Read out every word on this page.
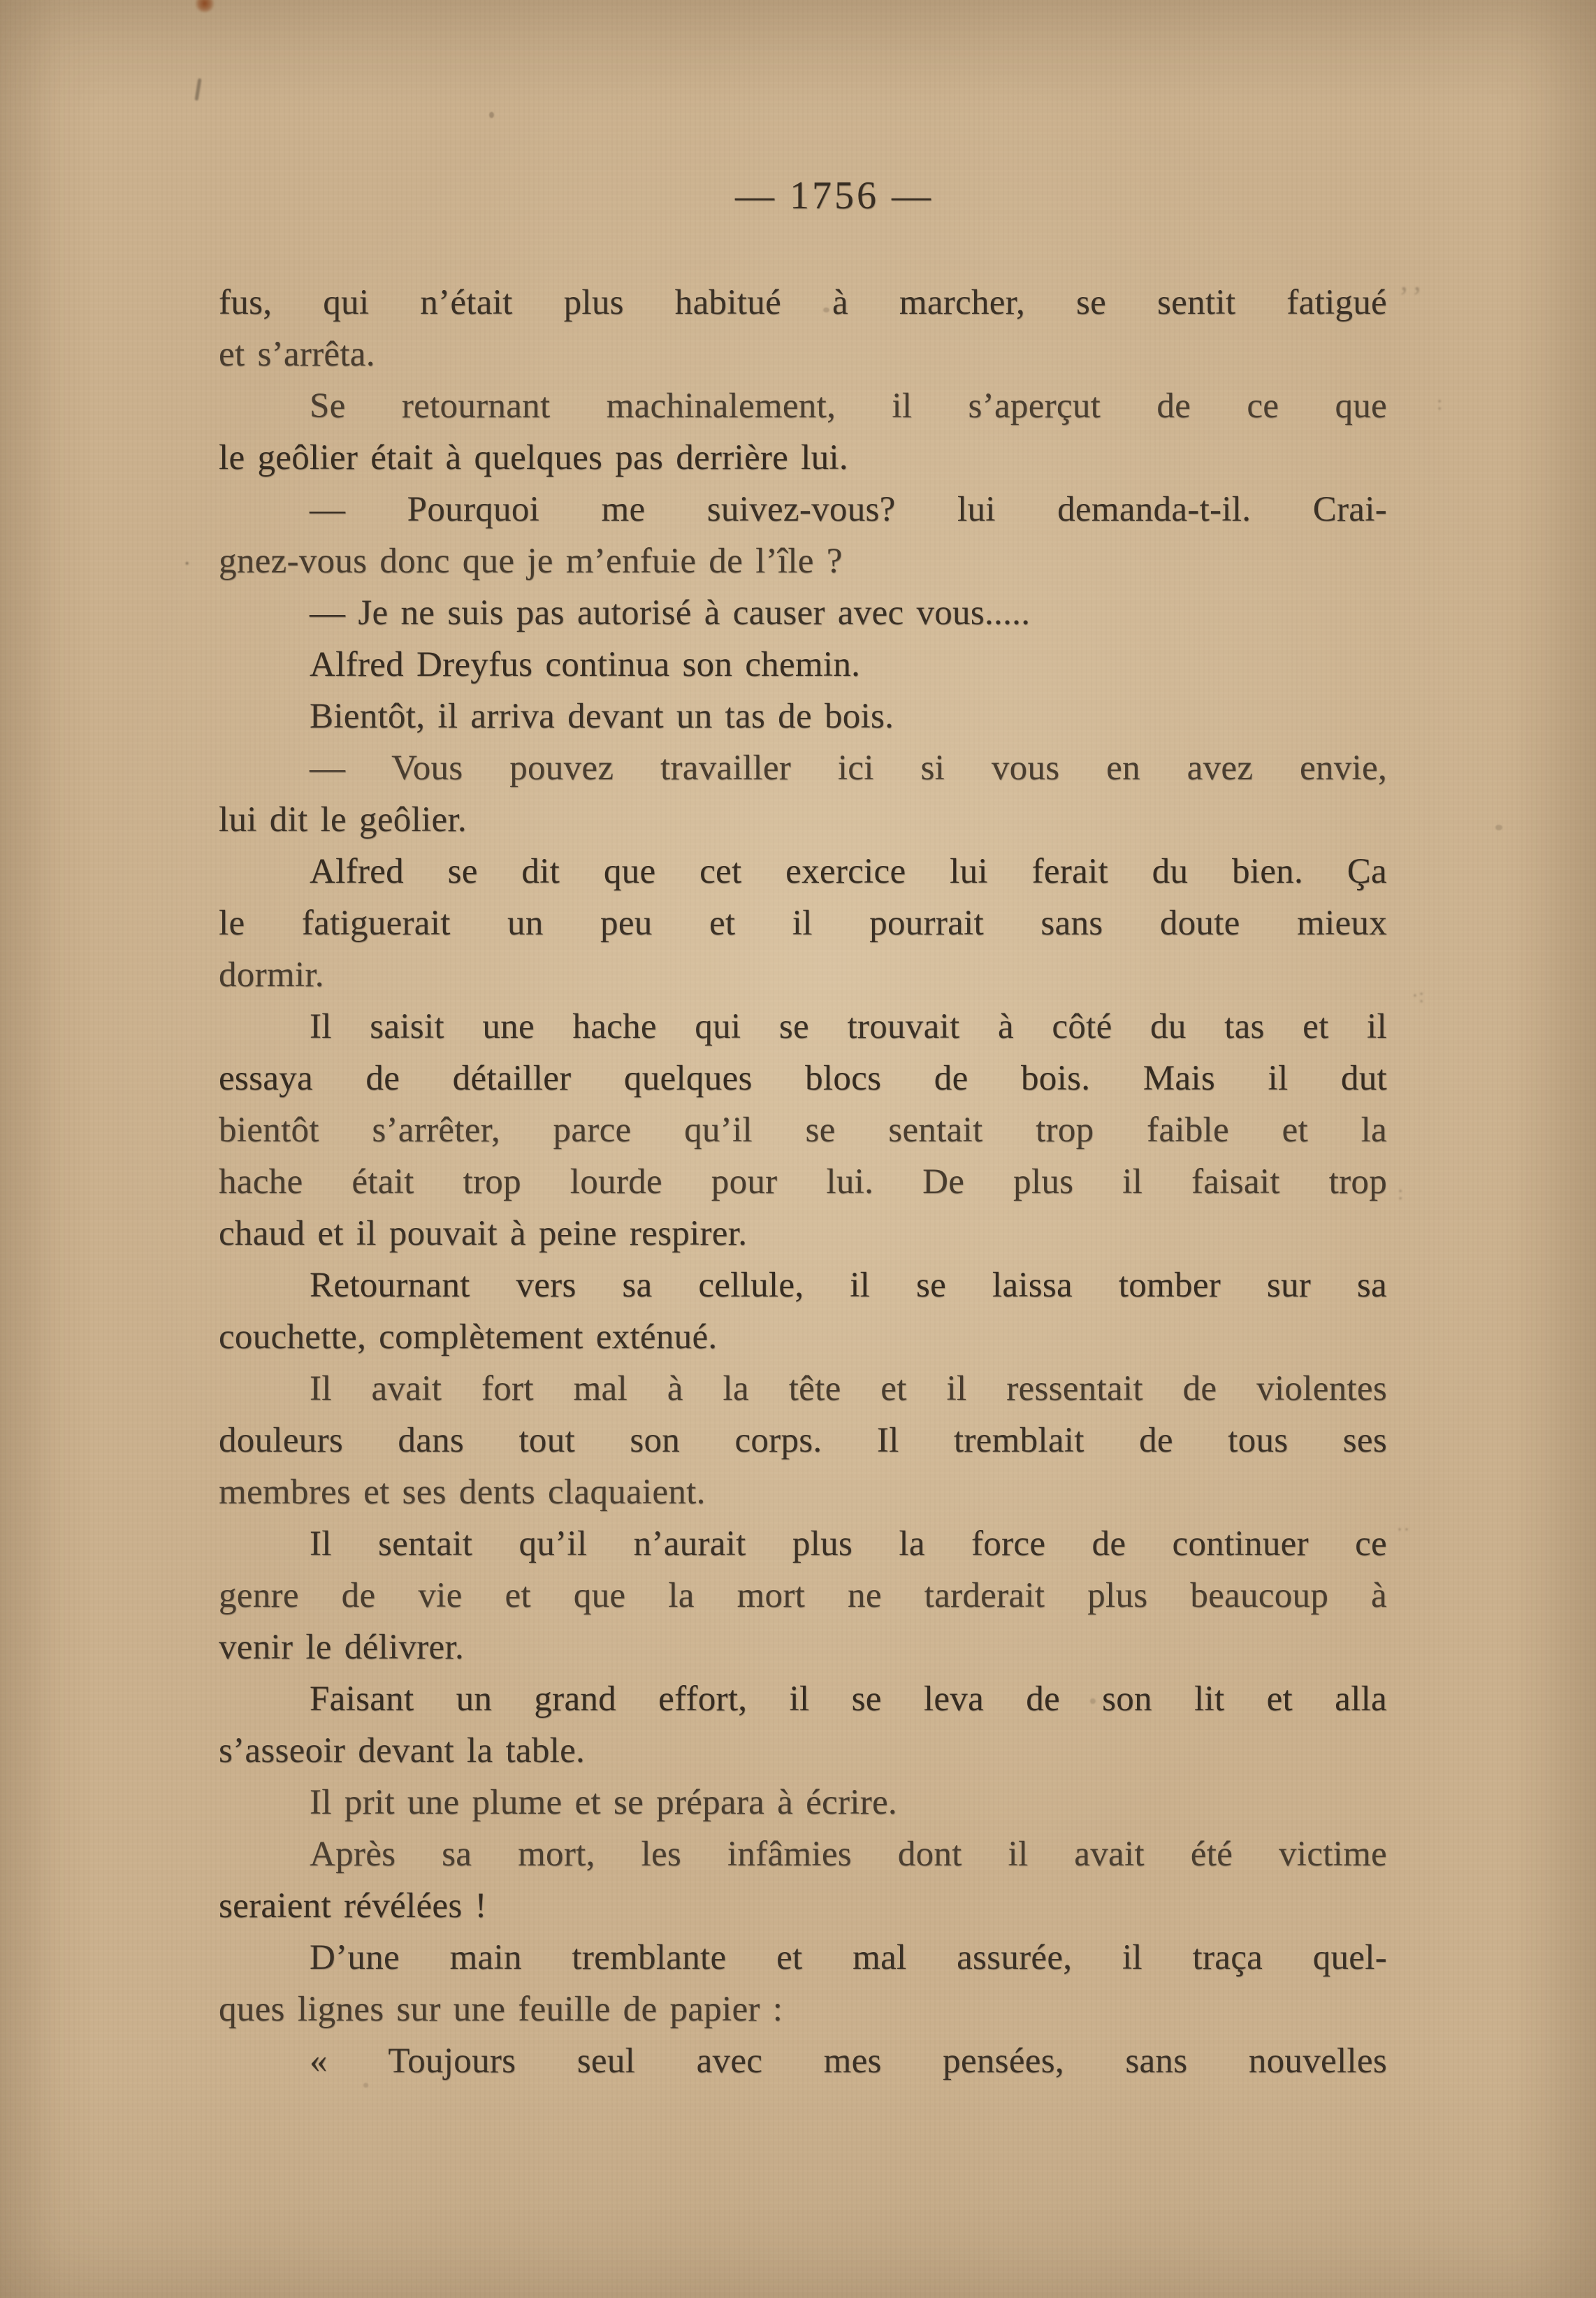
— 1756 —
fus, qui n’était plus habitué à marcher, se sentit fatigué
et s’arrêta.
Se retournant machinalement, il s’aperçut de ce que
le geôlier était à quelques pas derrière lui.
— Pourquoi me suivez-vous? lui demanda-t-il. Crai-
gnez-vous donc que je m’enfuie de l’île ?
— Je ne suis pas autorisé à causer avec vous.....
Alfred Dreyfus continua son chemin.
Bientôt, il arriva devant un tas de bois.
— Vous pouvez travailler ici si vous en avez envie,
lui dit le geôlier.
Alfred se dit que cet exercice lui ferait du bien. Ça
le fatiguerait un peu et il pourrait sans doute mieux
dormir.
Il saisit une hache qui se trouvait à côté du tas et il
essaya de détailler quelques blocs de bois. Mais il dut
bientôt s’arrêter, parce qu’il se sentait trop faible et la
hache était trop lourde pour lui. De plus il faisait trop
chaud et il pouvait à peine respirer.
Retournant vers sa cellule, il se laissa tomber sur sa
couchette, complètement exténué.
Il avait fort mal à la tête et il ressentait de violentes
douleurs dans tout son corps. Il tremblait de tous ses
membres et ses dents claquaient.
Il sentait qu’il n’aurait plus la force de continuer ce
genre de vie et que la mort ne tarderait plus beaucoup à
venir le délivrer.
Faisant un grand effort, il se leva de son lit et alla
s’asseoir devant la table.
Il prit une plume et se prépara à écrire.
Après sa mort, les infâmies dont il avait été victime
seraient révélées !
D’une main tremblante et mal assurée, il traça quel-
ques lignes sur une feuille de papier :
« Toujours seul avec mes pensées, sans nouvelles
’’
:
·
·:
:
··
